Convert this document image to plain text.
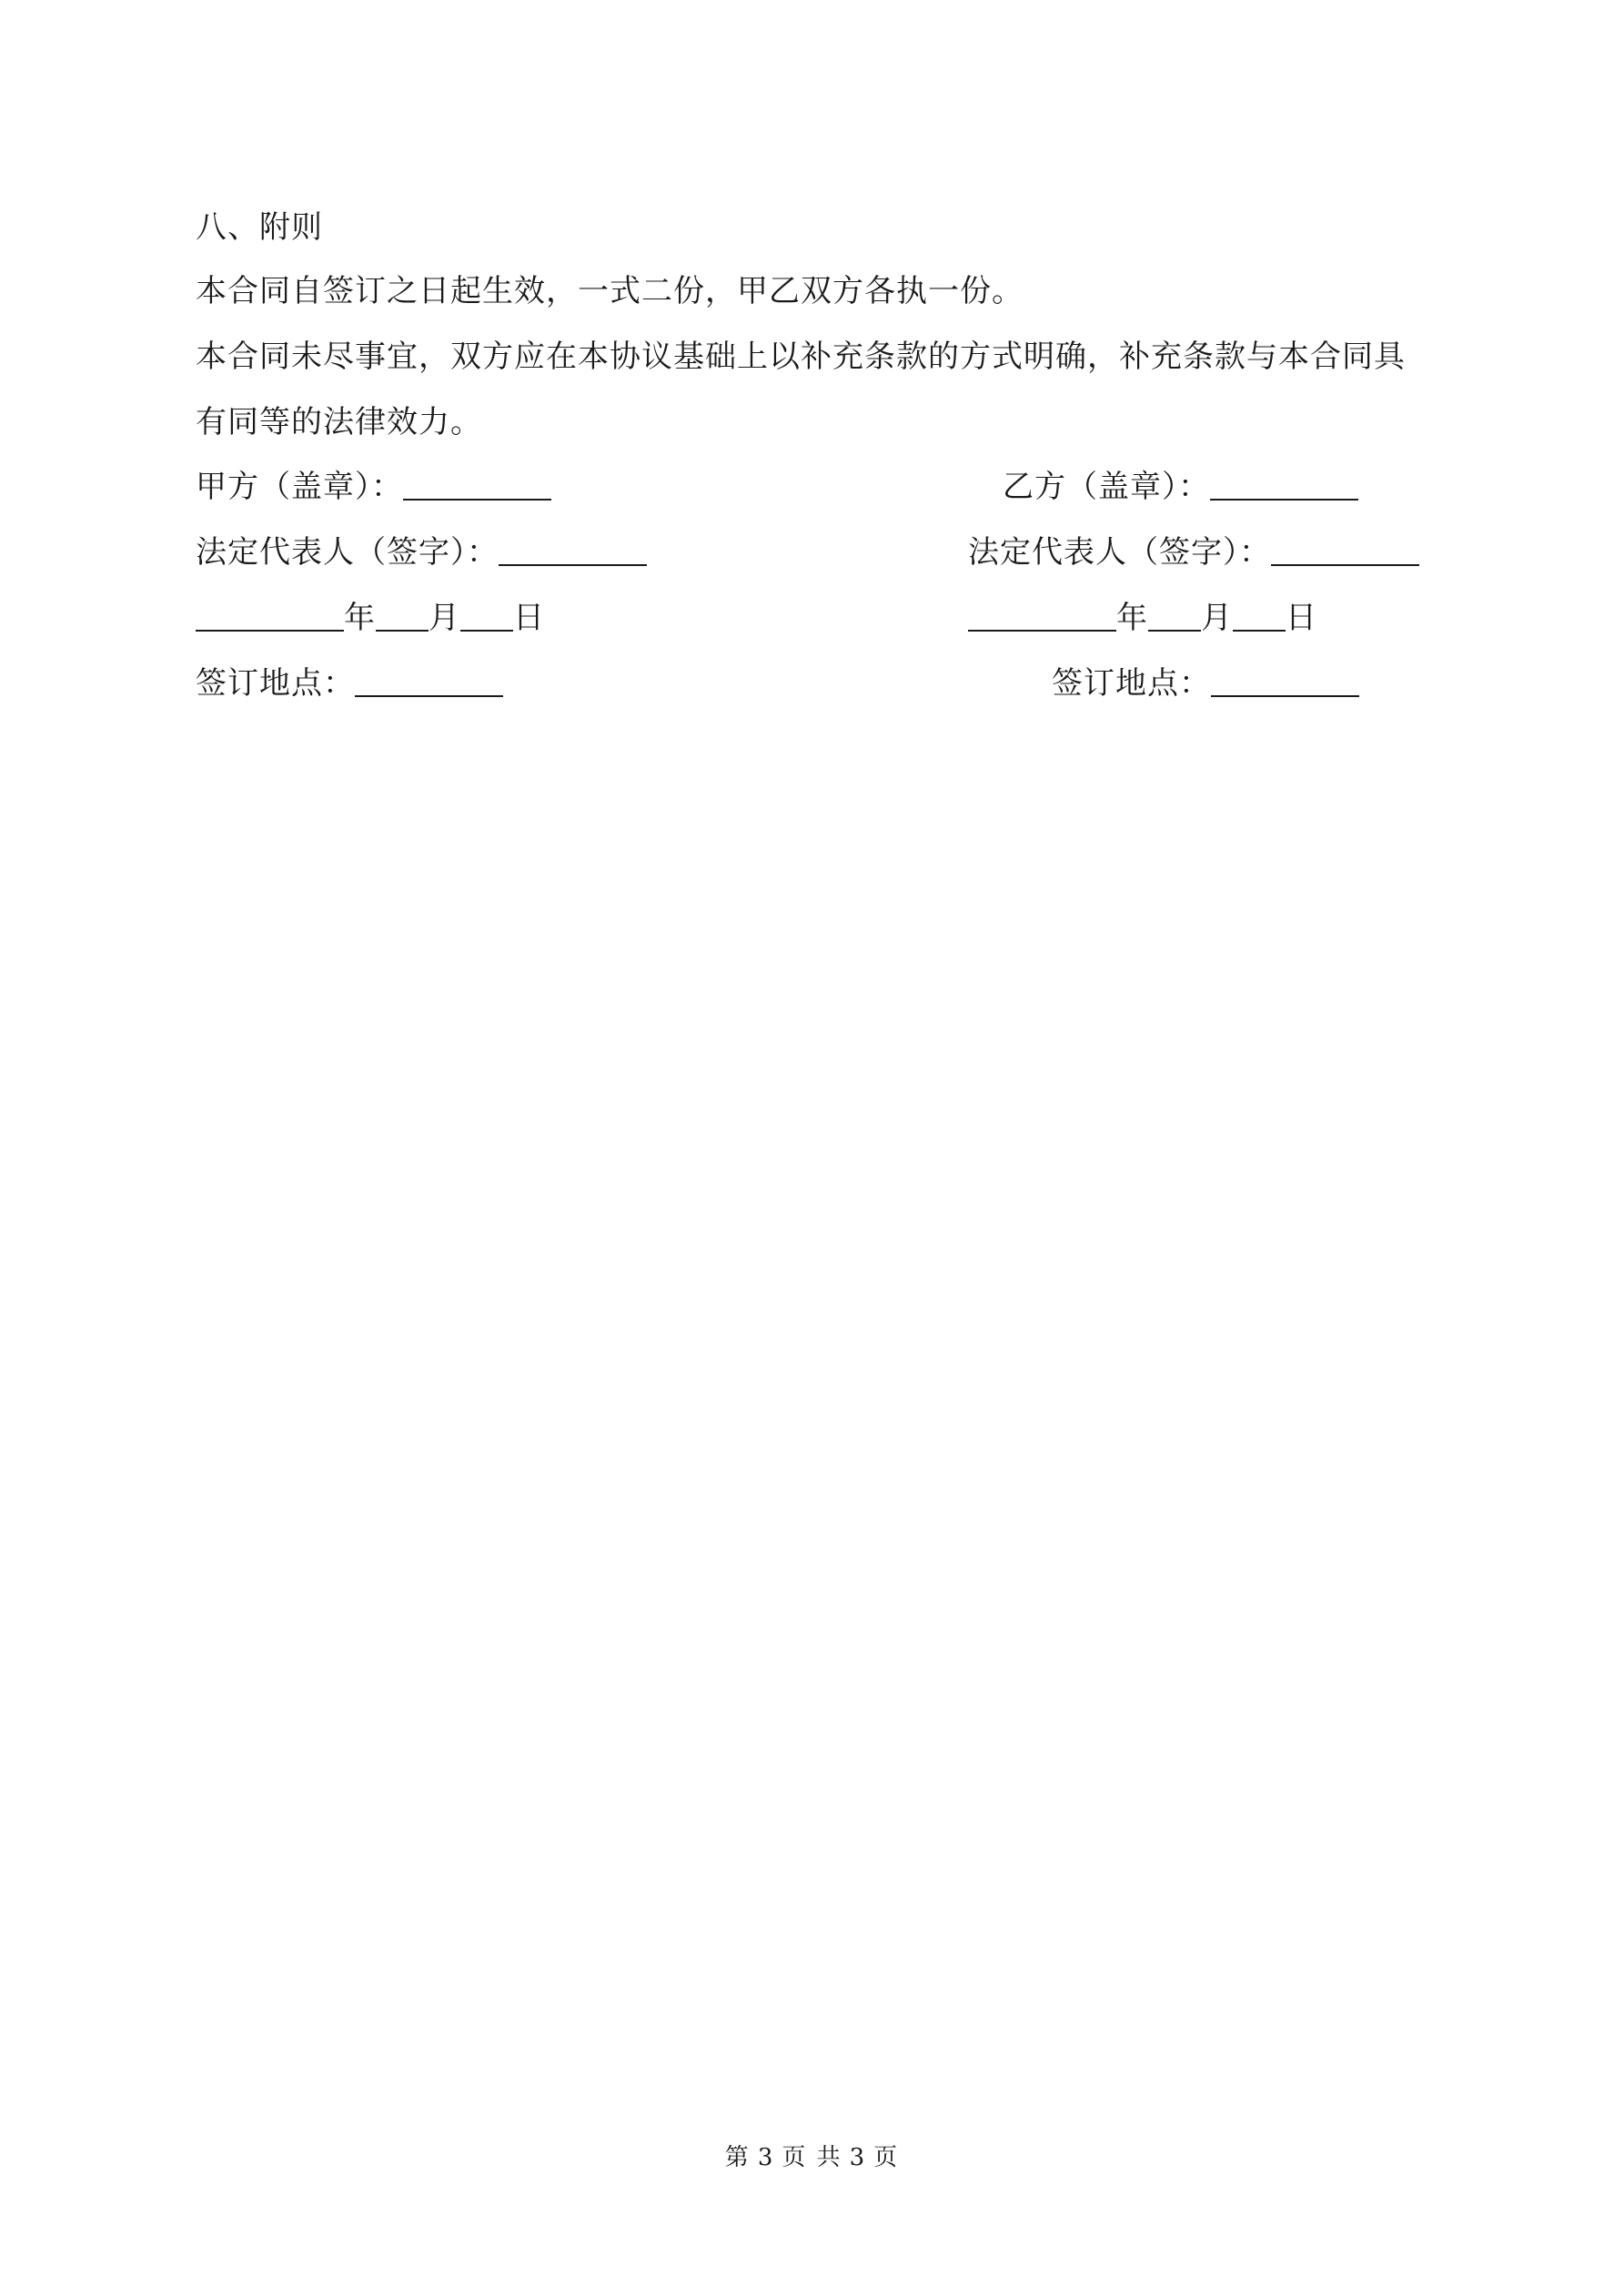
八、附则
本合同自签订之日起生效，一式二份，甲乙双方各执一份。
本合同未尽事宜，双方应在本协议基础上以补充条款的方式明确，补充条款与本合同具
有同等的法律效力。
甲方（盖章）：	乙方（盖章）：
法定代表人（签字）：	法定代表人（签字）：
年 月 日	年 月 日
签订地点：	签订地点：
第 3 页 共 3 页
